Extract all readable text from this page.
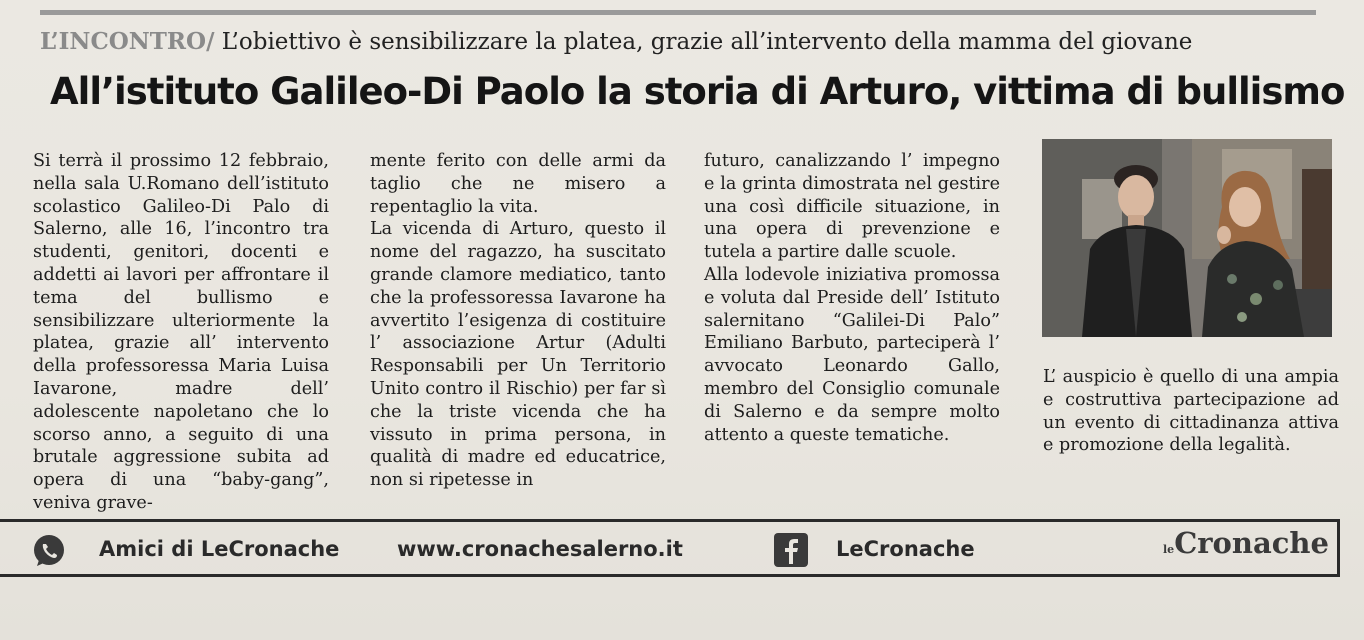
L’INCONTRO/ L’obiettivo è sensibilizzare la platea, grazie all’intervento della mamma del giovane
All’istituto Galileo-Di Paolo la storia di Arturo, vittima di bullismo

Si terrà il prossimo 12 febbraio, nella sala U.Romano dell’istituto scolastico Galileo-Di Palo di Salerno, alle 16, l’incontro tra studenti, genitori, docenti e addetti ai lavori per affrontare il tema del bullismo e sensibilizzare ulteriormente la platea, grazie all’ intervento della professoressa Maria Luisa Iavarone, madre dell’ adolescente napoletano che lo scorso anno, a seguito di una brutale aggressione subita ad opera di una “baby-gang”, veniva grave-

mente ferito con delle armi da taglio che ne misero a repentaglio la vita.

La vicenda di Arturo, questo il nome del ragazzo, ha suscitato grande clamore mediatico, tanto che la professoressa Iavarone ha avvertito l’esigenza di costituire l’ associazione Artur (Adulti Responsabili per Un Territorio Unito contro il Rischio) per far sì che la triste vicenda che ha vissuto in prima persona, in qualità di madre ed educatrice, non si ripetesse in

futuro, canalizzando l’ impegno e la grinta dimostrata nel gestire una così difficile situazione, in una opera di prevenzione e tutela a partire dalle scuole.

Alla lodevole iniziativa promossa e voluta dal Preside dell’ Istituto salernitano “Galilei-Di Palo” Emiliano Barbuto, parteciperà l’ avvocato Leonardo Gallo, membro del Consiglio comunale di Salerno e da sempre molto attento a queste tematiche.

L’ auspicio è quello di una ampia e costruttiva partecipazione ad un evento di cittadinanza attiva e promozione della legalità.

Amici di LeCronache	www.cronachesalerno.it	LeCronache	leCronache
